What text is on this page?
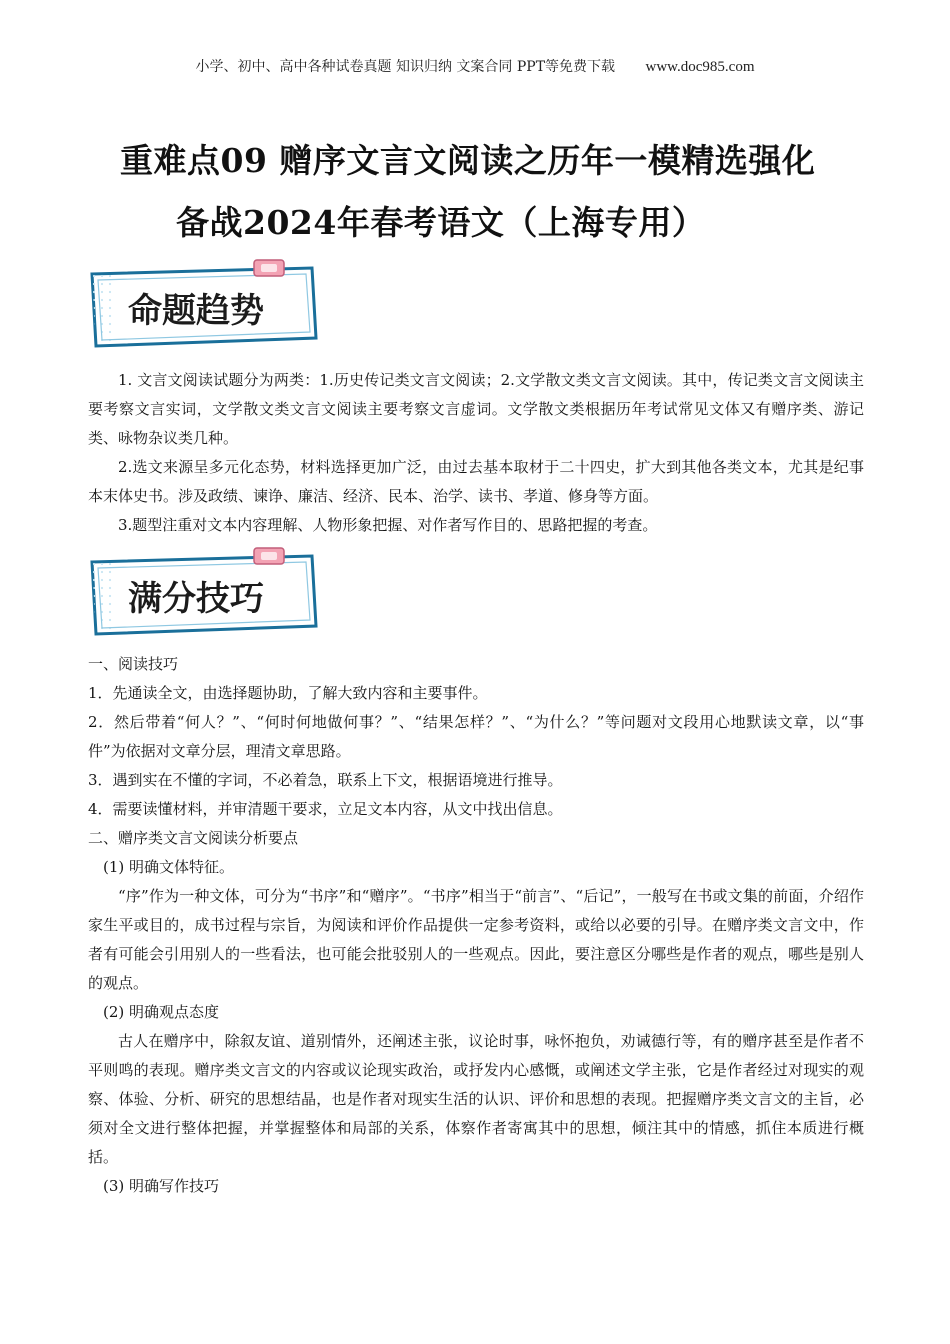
小学、初中、高中各种试卷真题 知识归纳 文案合同 PPT等免费下载 www.doc985.com
重难点09 赠序文言文阅读之历年一模精选强化
备战2024年春考语文（上海专用）
命题趋势

1. 文言文阅读试题分为两类：1.历史传记类文言文阅读；2.文学散文类文言文阅读。其中，传记类文言文阅读主要考察文言实词，文学散文类文言文阅读主要考察文言虚词。文学散文类根据历年考试常见文体又有赠序类、游记类、咏物杂议类几种。

2.选文来源呈多元化态势，材料选择更加广泛，由过去基本取材于二十四史，扩大到其他各类文本，尤其是纪事本末体史书。涉及政绩、谏诤、廉洁、经济、民本、治学、读书、孝道、修身等方面。

3.题型注重对文本内容理解、人物形象把握、对作者写作目的、思路把握的考查。

满分技巧

一、阅读技巧

1．先通读全文，由选择题协助，了解大致内容和主要事件。

2．然后带着“何人？”、“何时何地做何事？”、“结果怎样？”、“为什么？”等问题对文段用心地默读文章，以“事件”为依据对文章分层，理清文章思路。

3．遇到实在不懂的字词，不必着急，联系上下文，根据语境进行推导。

4．需要读懂材料，并审清题干要求，立足文本内容，从文中找出信息。

二、赠序类文言文阅读分析要点

(1) 明确文体特征。

“序”作为一种文体，可分为“书序”和“赠序”。“书序”相当于“前言”、“后记”，一般写在书或文集的前面，介绍作家生平或目的，成书过程与宗旨，为阅读和评价作品提供一定参考资料，或给以必要的引导。在赠序类文言文中，作者有可能会引用别人的一些看法，也可能会批驳别人的一些观点。因此，要注意区分哪些是作者的观点，哪些是别人的观点。

(2) 明确观点态度

古人在赠序中，除叙友谊、道别情外，还阐述主张，议论时事，咏怀抱负，劝诫德行等，有的赠序甚至是作者不平则鸣的表现。赠序类文言文的内容或议论现实政治，或抒发内心感慨，或阐述文学主张，它是作者经过对现实的观察、体验、分析、研究的思想结晶，也是作者对现实生活的认识、评价和思想的表现。把握赠序类文言文的主旨，必须对全文进行整体把握，并掌握整体和局部的关系，体察作者寄寓其中的思想，倾注其中的情感，抓住本质进行概括。

(3) 明确写作技巧
